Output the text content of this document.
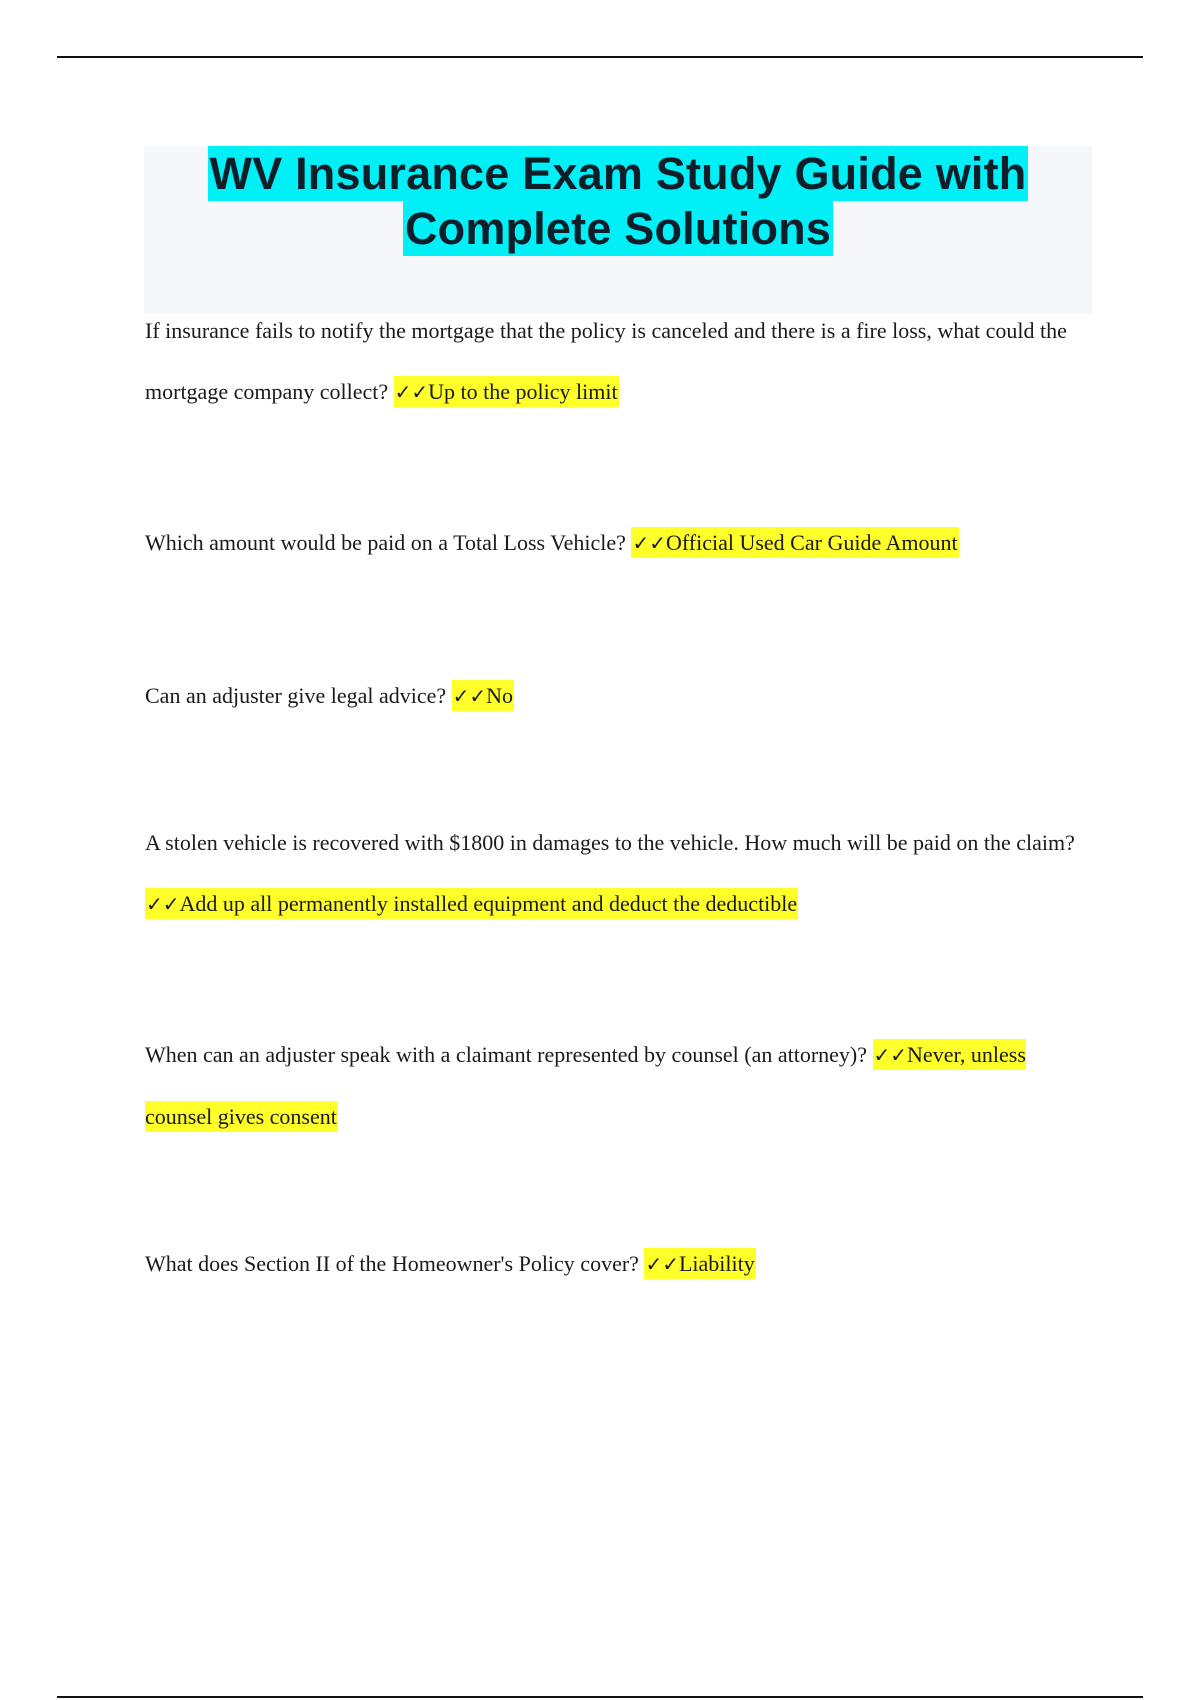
WV Insurance Exam Study Guide with
Complete Solutions
If insurance fails to notify the mortgage that the policy is canceled and there is a fire loss, what could the mortgage company collect? ✓✓Up to the policy limit
Which amount would be paid on a Total Loss Vehicle? ✓✓Official Used Car Guide Amount
Can an adjuster give legal advice? ✓✓No
A stolen vehicle is recovered with $1800 in damages to the vehicle. How much will be paid on the claim? ✓✓Add up all permanently installed equipment and deduct the deductible
When can an adjuster speak with a claimant represented by counsel (an attorney)? ✓✓Never, unless counsel gives consent
What does Section II of the Homeowner's Policy cover? ✓✓Liability
